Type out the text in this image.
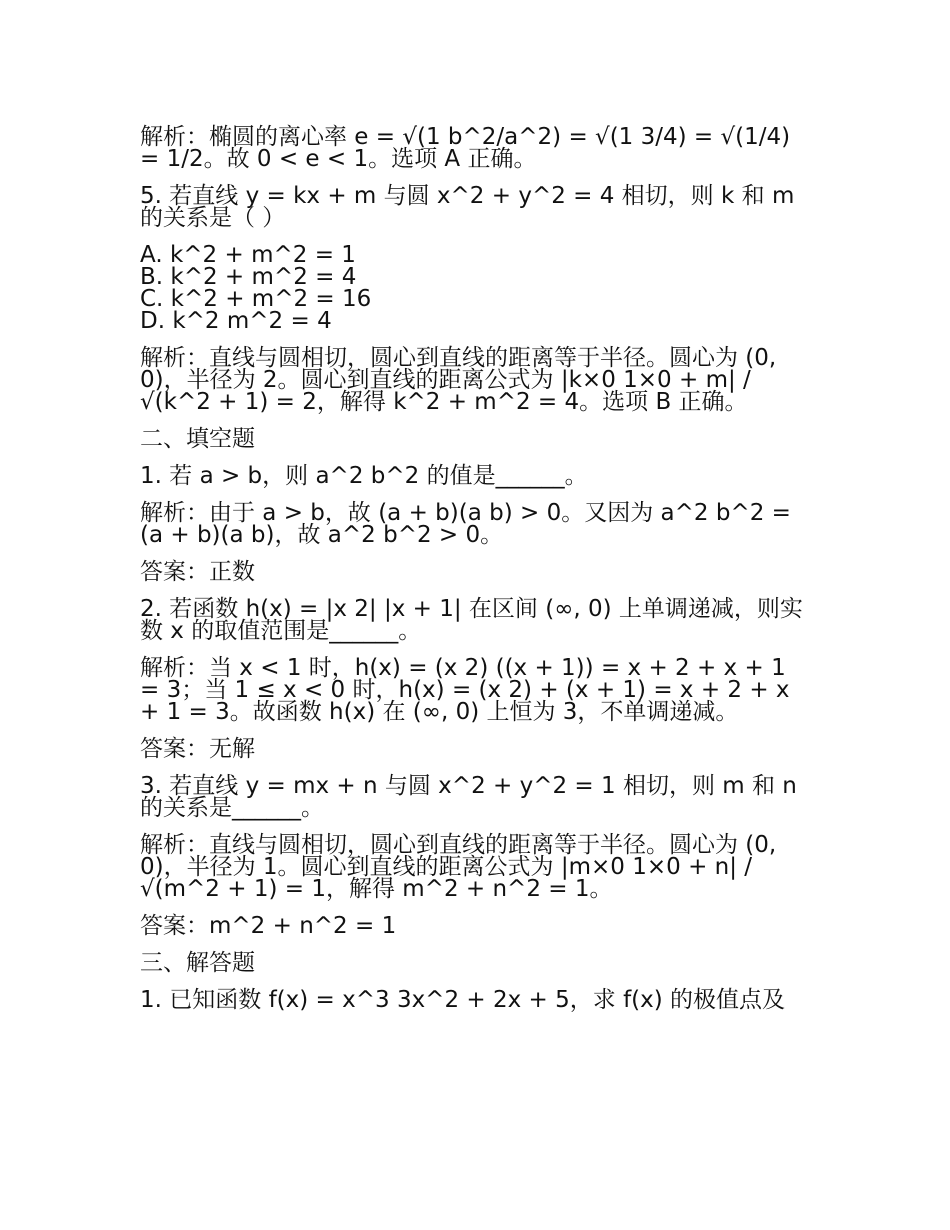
解析：椭圆的离心率 e = √(1 b^2/a^2) = √(1 3/4) = √(1/4) = 1/2。故 0 < e < 1。选项 A 正确。

5. 若直线 y = kx + m 与圆 x^2 + y^2 = 4 相切，则 k 和 m 的关系是（ ）

A. k^2 + m^2 = 1

B. k^2 + m^2 = 4

C. k^2 + m^2 = 16

D. k^2 m^2 = 4

解析：直线与圆相切，圆心到直线的距离等于半径。圆心为 (0, 0)，半径为 2。圆心到直线的距离公式为 |k×0 1×0 + m| / √(k^2 + 1) = 2，解得 k^2 + m^2 = 4。选项 B 正确。

二、填空题

1. 若 a > b，则 a^2 b^2 的值是______。

解析：由于 a > b，故 (a + b)(a b) > 0。又因为 a^2 b^2 = (a + b)(a b)，故 a^2 b^2 > 0。

答案：正数

2. 若函数 h(x) = |x 2| |x + 1| 在区间 (∞, 0) 上单调递减，则实数 x 的取值范围是______。

解析：当 x < 1 时，h(x) = (x 2) ((x + 1)) = x + 2 + x + 1 = 3；当 1 ≤ x < 0 时，h(x) = (x 2) + (x + 1) = x + 2 + x + 1 = 3。故函数 h(x) 在 (∞, 0) 上恒为 3，不单调递减。

答案：无解

3. 若直线 y = mx + n 与圆 x^2 + y^2 = 1 相切，则 m 和 n 的关系是______。

解析：直线与圆相切，圆心到直线的距离等于半径。圆心为 (0, 0)，半径为 1。圆心到直线的距离公式为 |m×0 1×0 + n| / √(m^2 + 1) = 1，解得 m^2 + n^2 = 1。

答案：m^2 + n^2 = 1

三、解答题

1. 已知函数 f(x) = x^3 3x^2 + 2x + 5，求 f(x) 的极值点及
